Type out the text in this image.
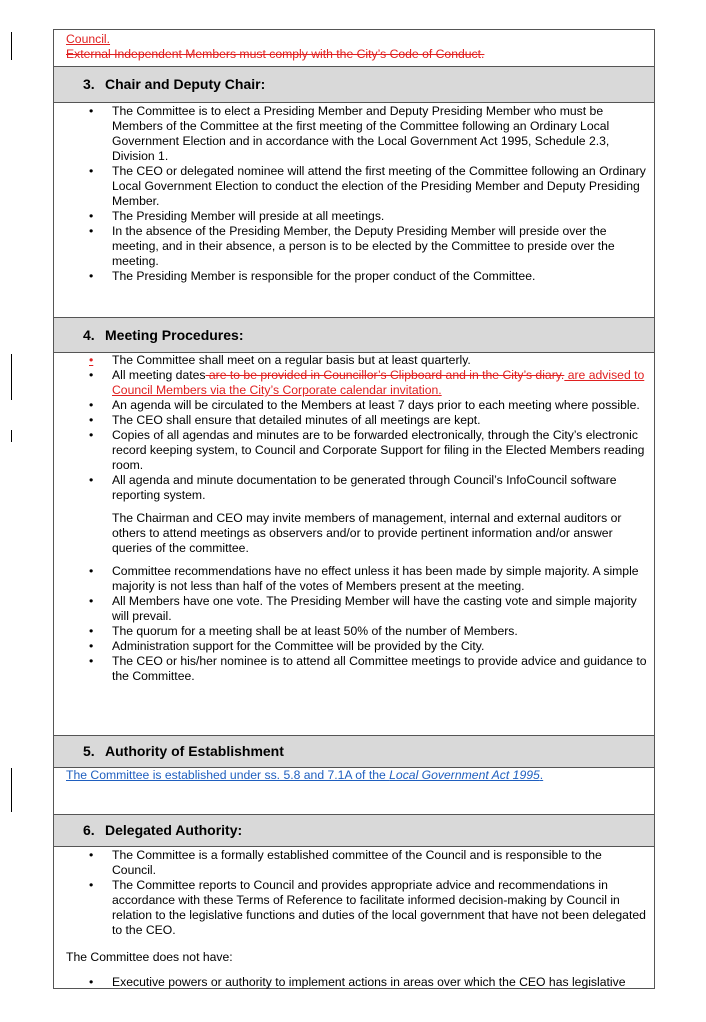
Council.
External Independent Members must comply with the City’s Code of Conduct.
3. Chair and Deputy Chair:
• The Committee is to elect a Presiding Member and Deputy Presiding Member who must be Members of the Committee at the first meeting of the Committee following an Ordinary Local Government Election and in accordance with the Local Government Act 1995, Schedule 2.3, Division 1.
• The CEO or delegated nominee will attend the first meeting of the Committee following an Ordinary Local Government Election to conduct the election of the Presiding Member and Deputy Presiding Member.
• The Presiding Member will preside at all meetings.
• In the absence of the Presiding Member, the Deputy Presiding Member will preside over the meeting, and in their absence, a person is to be elected by the Committee to preside over the meeting.
• The Presiding Member is responsible for the proper conduct of the Committee.
4. Meeting Procedures:
•	The Committee shall meet on a regular basis but at least quarterly.
• All meeting dates are to be provided in Councillor’s Clipboard and in the City’s diary. are advised to Council Members via the City’s Corporate calendar invitation.
• An agenda will be circulated to the Members at least 7 days prior to each meeting where possible.
• The CEO shall ensure that detailed minutes of all meetings are kept.
• Copies of all agendas and minutes are to be forwarded electronically, through the City’s electronic record keeping system, to Council and Corporate Support for filing in the Elected Members reading room.
• All agenda and minute documentation to be generated through Council’s InfoCouncil software reporting system.
The Chairman and CEO may invite members of management, internal and external auditors or others to attend meetings as observers and/or to provide pertinent information and/or answer queries of the committee.
• Committee recommendations have no effect unless it has been made by simple majority. A simple majority is not less than half of the votes of Members present at the meeting.
• All Members have one vote. The Presiding Member will have the casting vote and simple majority will prevail.
• The quorum for a meeting shall be at least 50% of the number of Members.
• Administration support for the Committee will be provided by the City.
• The CEO or his/her nominee is to attend all Committee meetings to provide advice and guidance to the Committee.
5. Authority of Establishment
The Committee is established under ss. 5.8 and 7.1A of the Local Government Act 1995.
6. Delegated Authority:
• The Committee is a formally established committee of the Council and is responsible to the Council.
• The Committee reports to Council and provides appropriate advice and recommendations in accordance with these Terms of Reference to facilitate informed decision-making by Council in relation to the legislative functions and duties of the local government that have not been delegated to the CEO.
The Committee does not have:
• Executive powers or authority to implement actions in areas over which the CEO has legislative
